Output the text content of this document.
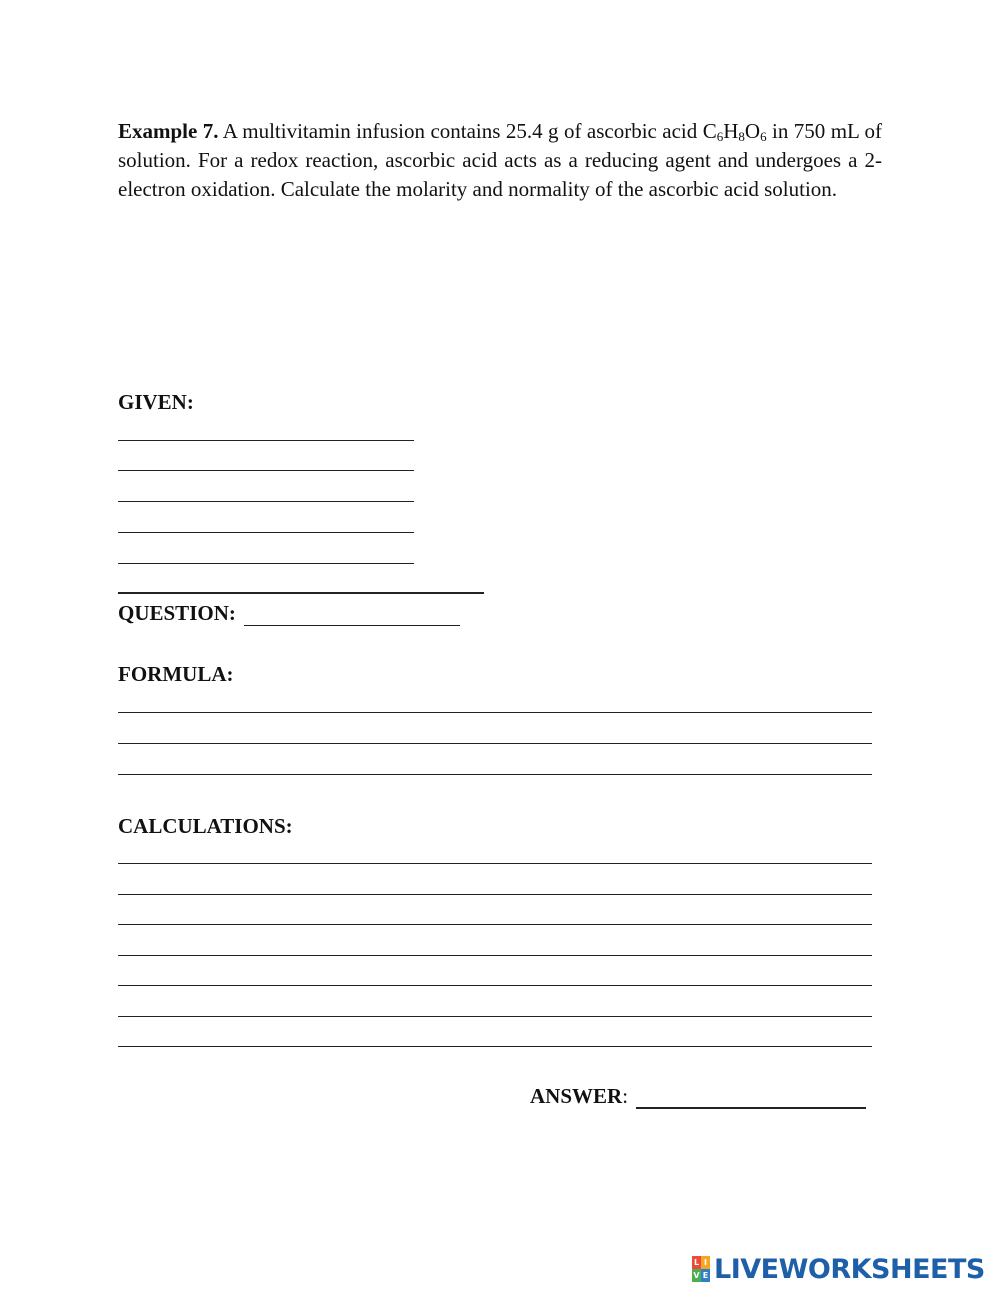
Example 7. A multivitamin infusion contains 25.4 g of ascorbic acid $C_6H_8O_6$ in 750 mL of solution. For a redox reaction, ascorbic acid acts as a reducing agent and undergoes a 2-electron oxidation. Calculate the molarity and normality of the ascorbic acid solution.
GIVEN:
QUESTION:
FORMULA:
CALCULATIONS:
ANSWER:
L I
V E LIVEWORKSHEETS
